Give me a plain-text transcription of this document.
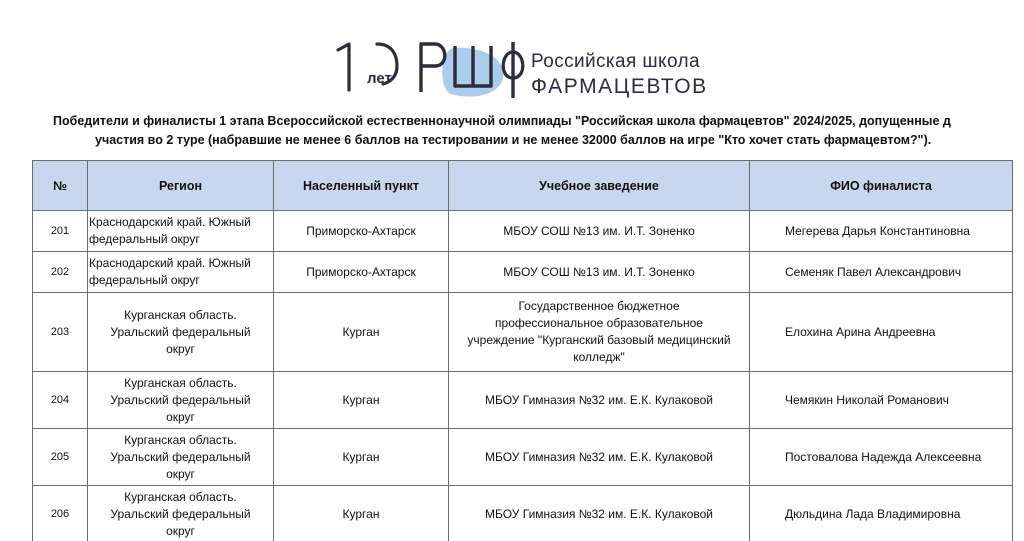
лет
Российская школа
ФАРМАЦЕВТОВ
Победители и финалисты 1 этапа Всероссийской естественнонаучной олимпиады "Российская школа фармацевтов" 2024/2025, допущенные д
участия во 2 туре (набравшие не менее 6 баллов на тестировании и не менее 32000 баллов на игре "Кто хочет стать фармацевтом?").
№	Регион	Населенный пункт	Учебное заведение	ФИО финалиста
201	Краснодарский край. Южный федеральный округ	Приморско-Ахтарск	МБОУ СОШ №13 им. И.Т. Зоненко	Мегерева Дарья Константиновна
202	Краснодарский край. Южный федеральный округ	Приморско-Ахтарск	МБОУ СОШ №13 им. И.Т. Зоненко	Семеняк Павел Александрович
203	Курганская область. Уральский федеральный округ	Курган	Государственное бюджетное профессиональное образовательное учреждение "Курганский базовый медицинский колледж"	Елохина Арина Андреевна
204	Курганская область. Уральский федеральный округ	Курган	МБОУ Гимназия №32 им. Е.К. Кулаковой	Чемякин Николай Романович
205	Курганская область. Уральский федеральный округ	Курган	МБОУ Гимназия №32 им. Е.К. Кулаковой	Постовалова Надежда Алексеевна
206	Курганская область. Уральский федеральный округ	Курган	МБОУ Гимназия №32 им. Е.К. Кулаковой	Дюльдина Лада Владимировна
